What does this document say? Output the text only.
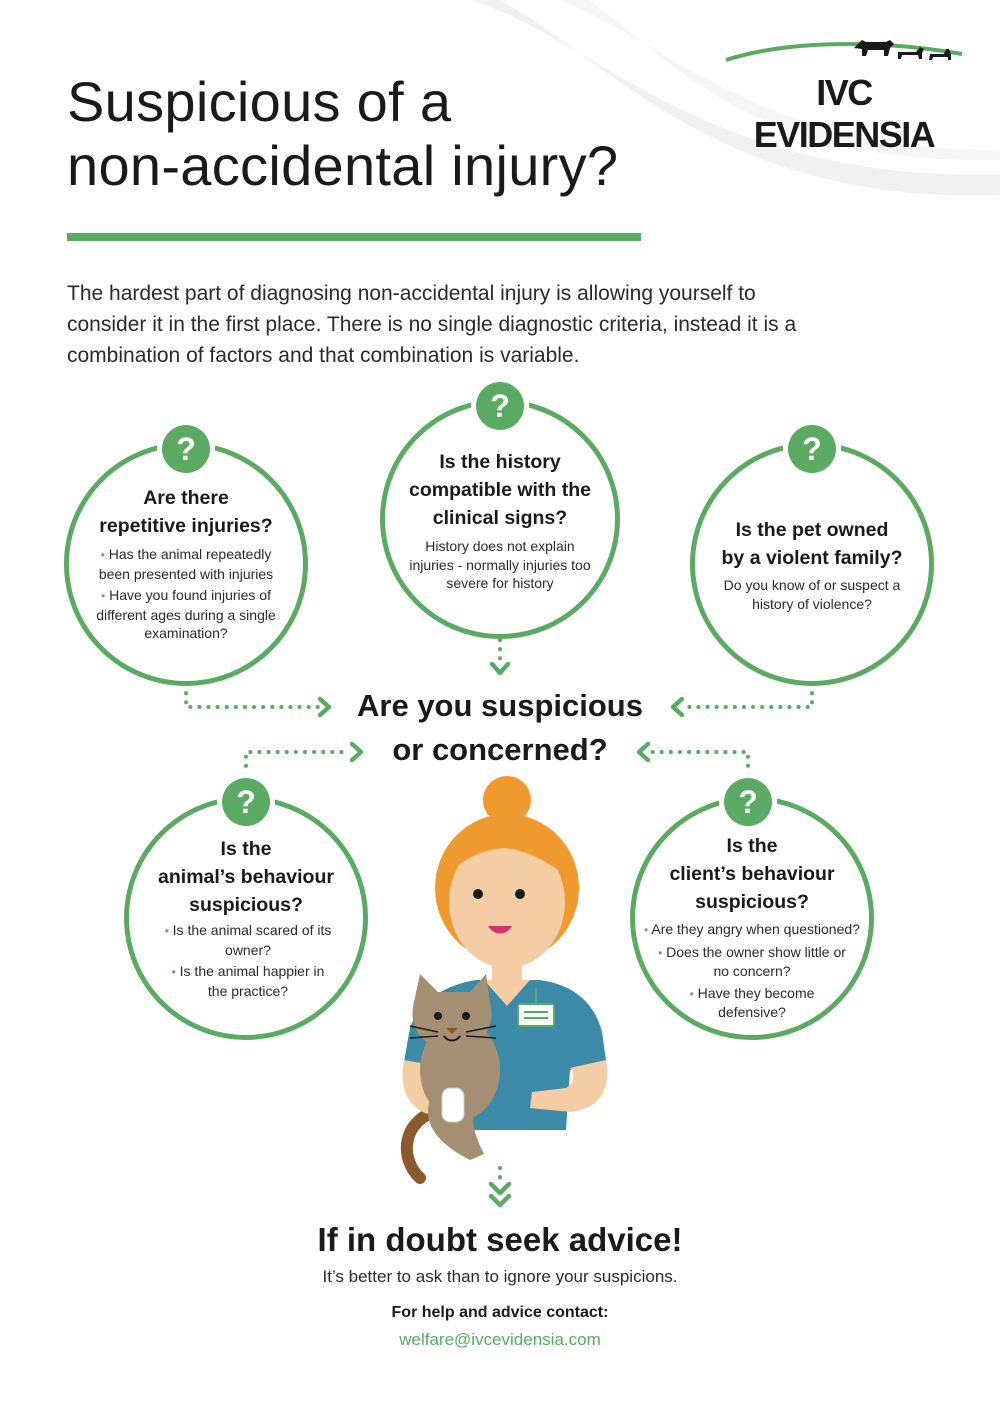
IVC EVIDENSIA
Suspicious of a
non-accidental injury?
The hardest part of diagnosing non-accidental injury is allowing yourself to consider it in the first place. There is no single diagnostic criteria, instead it is a combination of factors and that combination is variable.
?
Are there
repetitive injuries?
• Has the animal repeatedly been presented with injuries
• Have you found injuries of different ages during a single examination?
?
Is the history
compatible with the
clinical signs?
History does not explain injuries - normally injuries too severe for history
?
Is the pet owned
by a violent family?
Do you know of or suspect a history of violence?
Are you suspicious
or concerned?
?
Is the
animal’s behaviour
suspicious?
• Is the animal scared of its owner?
• Is the animal happier in the practice?
?
Is the
client’s behaviour
suspicious?
• Are they angry when questioned?
• Does the owner show little or no concern?
• Have they become defensive?
If in doubt seek advice!
It’s better to ask than to ignore your suspicions.
For help and advice contact:
welfare@ivcevidensia.com
